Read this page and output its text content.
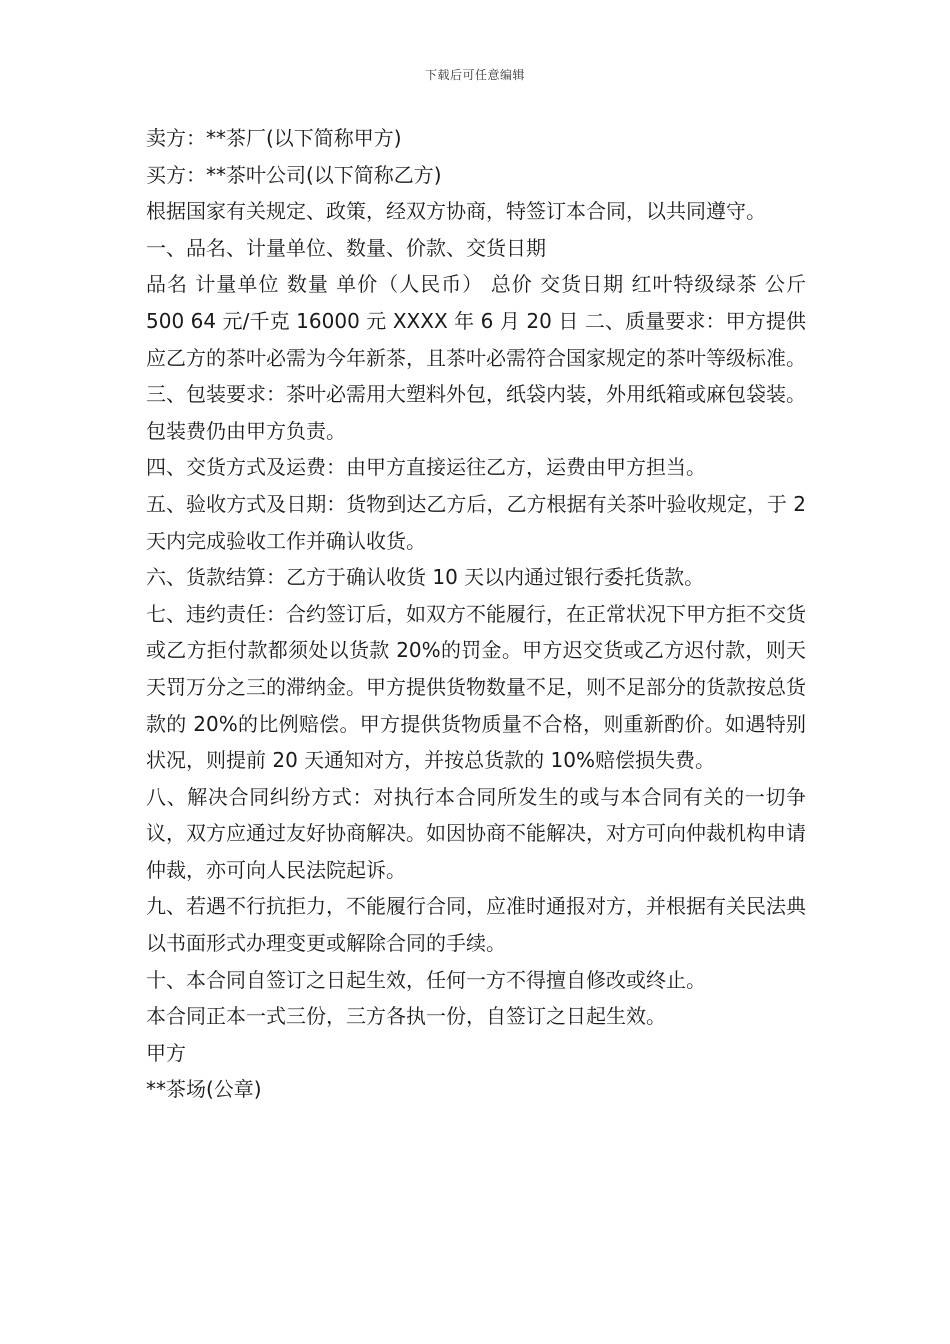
下载后可任意编辑

卖方：**茶厂(以下简称甲方)

买方：**茶叶公司(以下简称乙方)

根据国家有关规定、政策，经双方协商，特签订本合同，以共同遵守。

一、品名、计量单位、数量、价款、交货日期

品名 计量单位 数量 单价（人民币） 总价 交货日期 红叶特级绿茶 公斤 500 64 元/千克 16000 元 XXXX 年 6 月 20 日 二、质量要求：甲方提供应乙方的茶叶必需为今年新茶，且茶叶必需符合国家规定的茶叶等级标准。

三、包装要求：茶叶必需用大塑料外包，纸袋内装，外用纸箱或麻包袋装。包装费仍由甲方负责。

四、交货方式及运费：由甲方直接运往乙方，运费由甲方担当。

五、验收方式及日期：货物到达乙方后，乙方根据有关茶叶验收规定，于 2 天内完成验收工作并确认收货。

六、货款结算：乙方于确认收货 10 天以内通过银行委托货款。

七、违约责任：合约签订后，如双方不能履行，在正常状况下甲方拒不交货或乙方拒付款都须处以货款 20%的罚金。甲方迟交货或乙方迟付款，则天天罚万分之三的滞纳金。甲方提供货物数量不足，则不足部分的货款按总货款的 20%的比例赔偿。甲方提供货物质量不合格，则重新酌价。如遇特别状况，则提前 20 天通知对方，并按总货款的 10%赔偿损失费。

八、解决合同纠纷方式：对执行本合同所发生的或与本合同有关的一切争议，双方应通过友好协商解决。如因协商不能解决，对方可向仲裁机构申请仲裁，亦可向人民法院起诉。

九、若遇不行抗拒力，不能履行合同，应准时通报对方，并根据有关民法典以书面形式办理变更或解除合同的手续。

十、本合同自签订之日起生效，任何一方不得擅自修改或终止。

本合同正本一式三份，三方各执一份，自签订之日起生效。

甲方

**茶场(公章)
